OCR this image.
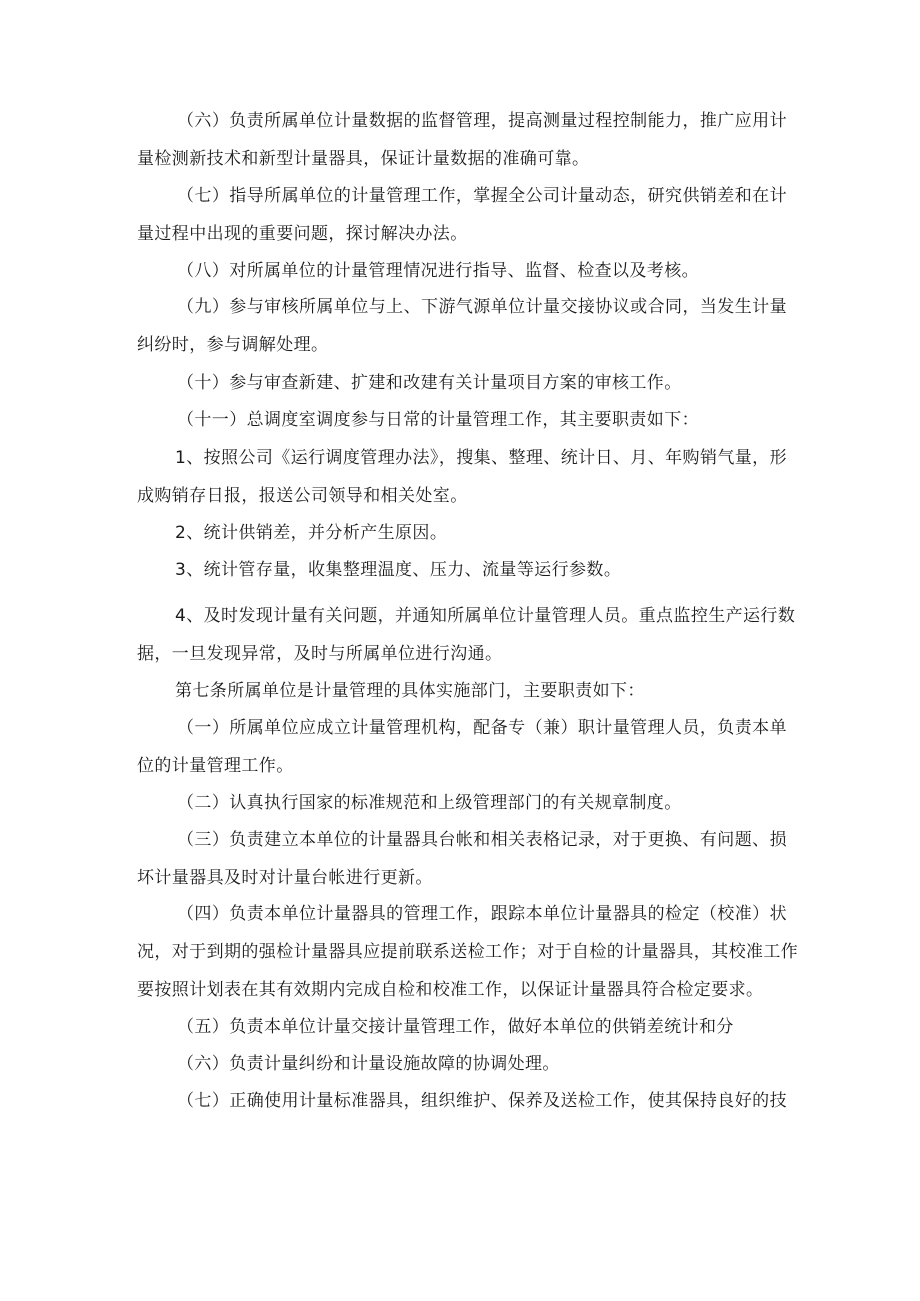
（六）负责所属单位计量数据的监督管理，提高测量过程控制能力，推广应用计
量检测新技术和新型计量器具，保证计量数据的准确可靠。
（七）指导所属单位的计量管理工作，掌握全公司计量动态，研究供销差和在计
量过程中出现的重要问题，探讨解决办法。
（八）对所属单位的计量管理情况进行指导、监督、检查以及考核。
（九）参与审核所属单位与上、下游气源单位计量交接协议或合同，当发生计量
纠纷时，参与调解处理。
（十）参与审查新建、扩建和改建有关计量项目方案的审核工作。
（十一）总调度室调度参与日常的计量管理工作，其主要职责如下：
1、按照公司《运行调度管理办法》，搜集、整理、统计日、月、年购销气量，形
成购销存日报，报送公司领导和相关处室。
2、统计供销差，并分析产生原因。
3、统计管存量，收集整理温度、压力、流量等运行参数。
4、及时发现计量有关问题，并通知所属单位计量管理人员。重点监控生产运行数
据，一旦发现异常，及时与所属单位进行沟通。
第七条所属单位是计量管理的具体实施部门，主要职责如下：
（一）所属单位应成立计量管理机构，配备专（兼）职计量管理人员，负责本单
位的计量管理工作。
（二）认真执行国家的标准规范和上级管理部门的有关规章制度。
（三）负责建立本单位的计量器具台帐和相关表格记录，对于更换、有问题、损
坏计量器具及时对计量台帐进行更新。
（四）负责本单位计量器具的管理工作，跟踪本单位计量器具的检定（校准）状
况，对于到期的强检计量器具应提前联系送检工作；对于自检的计量器具，其校准工作
要按照计划表在其有效期内完成自检和校准工作，以保证计量器具符合检定要求。
（五）负责本单位计量交接计量管理工作，做好本单位的供销差统计和分
（六）负责计量纠纷和计量设施故障的协调处理。
（七）正确使用计量标准器具，组织维护、保养及送检工作，使其保持良好的技
